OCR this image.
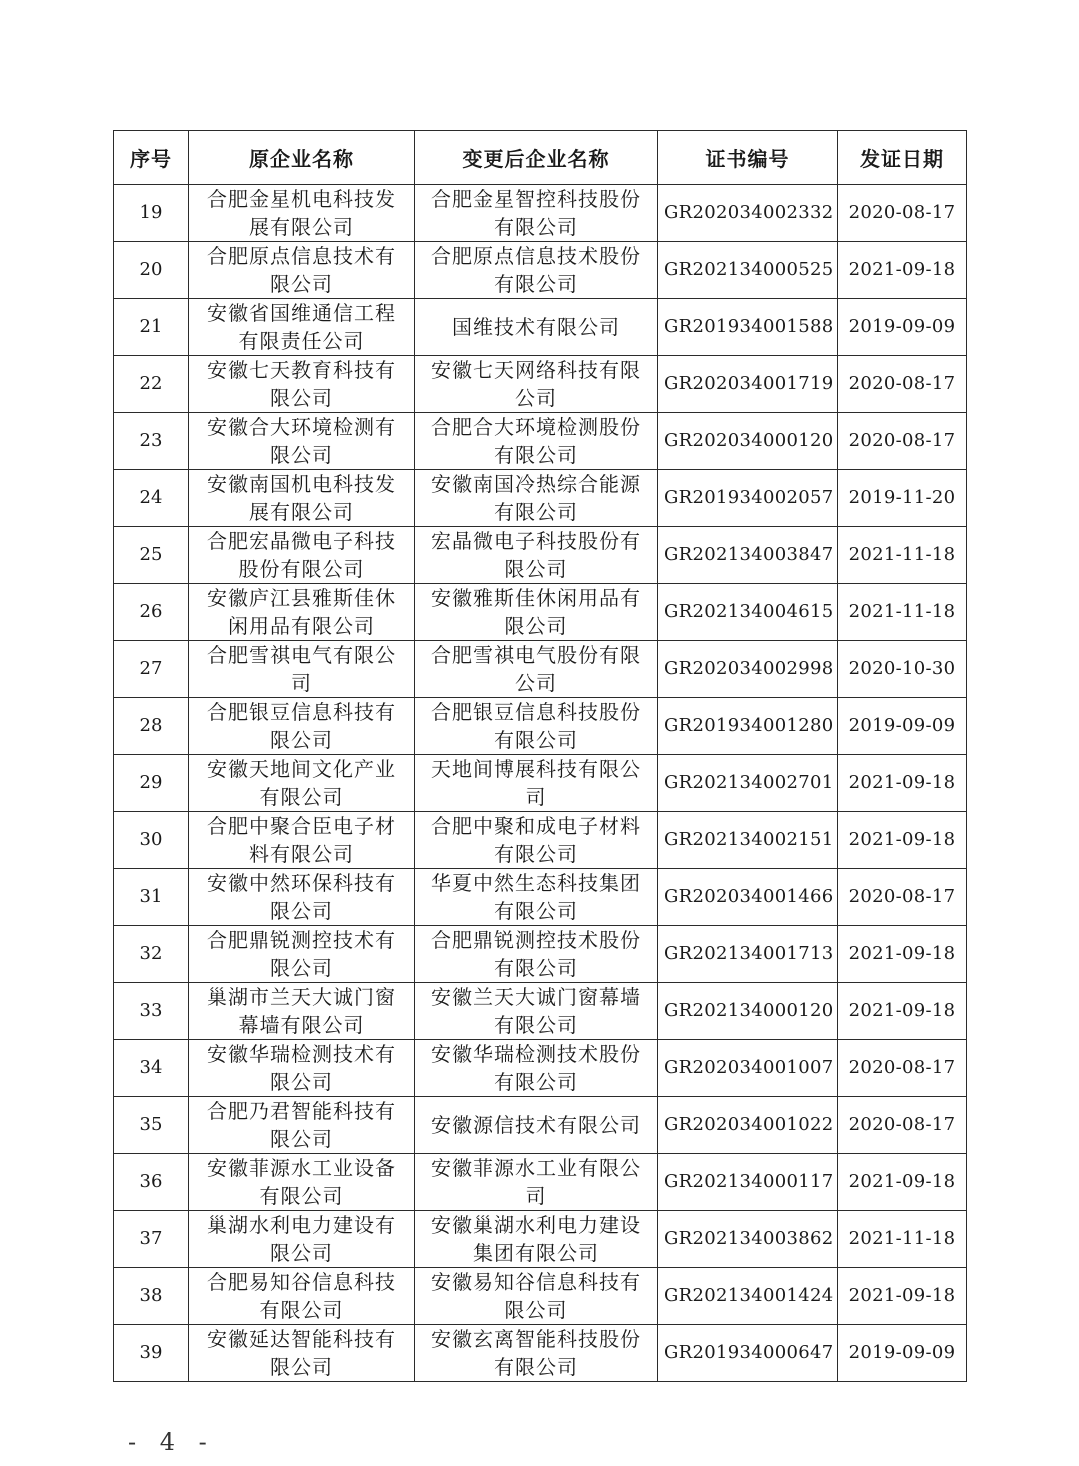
序号	原企业名称	变更后企业名称	证书编号	发证日期
19	合肥金星机电科技发展有限公司	合肥金星智控科技股份有限公司	GR202034002332	2020-08-17
20	合肥原点信息技术有限公司	合肥原点信息技术股份有限公司	GR202134000525	2021-09-18
21	安徽省国维通信工程有限责任公司	国维技术有限公司	GR201934001588	2019-09-09
22	安徽七天教育科技有限公司	安徽七天网络科技有限公司	GR202034001719	2020-08-17
23	安徽合大环境检测有限公司	合肥合大环境检测股份有限公司	GR202034000120	2020-08-17
24	安徽南国机电科技发展有限公司	安徽南国冷热综合能源有限公司	GR201934002057	2019-11-20
25	合肥宏晶微电子科技股份有限公司	宏晶微电子科技股份有限公司	GR202134003847	2021-11-18
26	安徽庐江县雅斯佳休闲用品有限公司	安徽雅斯佳休闲用品有限公司	GR202134004615	2021-11-18
27	合肥雪祺电气有限公司	合肥雪祺电气股份有限公司	GR202034002998	2020-10-30
28	合肥银豆信息科技有限公司	合肥银豆信息科技股份有限公司	GR201934001280	2019-09-09
29	安徽天地间文化产业有限公司	天地间博展科技有限公司	GR202134002701	2021-09-18
30	合肥中聚合臣电子材料有限公司	合肥中聚和成电子材料有限公司	GR202134002151	2021-09-18
31	安徽中然环保科技有限公司	华夏中然生态科技集团有限公司	GR202034001466	2020-08-17
32	合肥鼎锐测控技术有限公司	合肥鼎锐测控技术股份有限公司	GR202134001713	2021-09-18
33	巢湖市兰天大诚门窗幕墙有限公司	安徽兰天大诚门窗幕墙有限公司	GR202134000120	2021-09-18
34	安徽华瑞检测技术有限公司	安徽华瑞检测技术股份有限公司	GR202034001007	2020-08-17
35	合肥乃君智能科技有限公司	安徽源信技术有限公司	GR202034001022	2020-08-17
36	安徽菲源水工业设备有限公司	安徽菲源水工业有限公司	GR202134000117	2021-09-18
37	巢湖水利电力建设有限公司	安徽巢湖水利电力建设集团有限公司	GR202134003862	2021-11-18
38	合肥易知谷信息科技有限公司	安徽易知谷信息科技有限公司	GR202134001424	2021-09-18
39	安徽延达智能科技有限公司	安徽玄离智能科技股份有限公司	GR201934000647	2019-09-09
- 4 -
